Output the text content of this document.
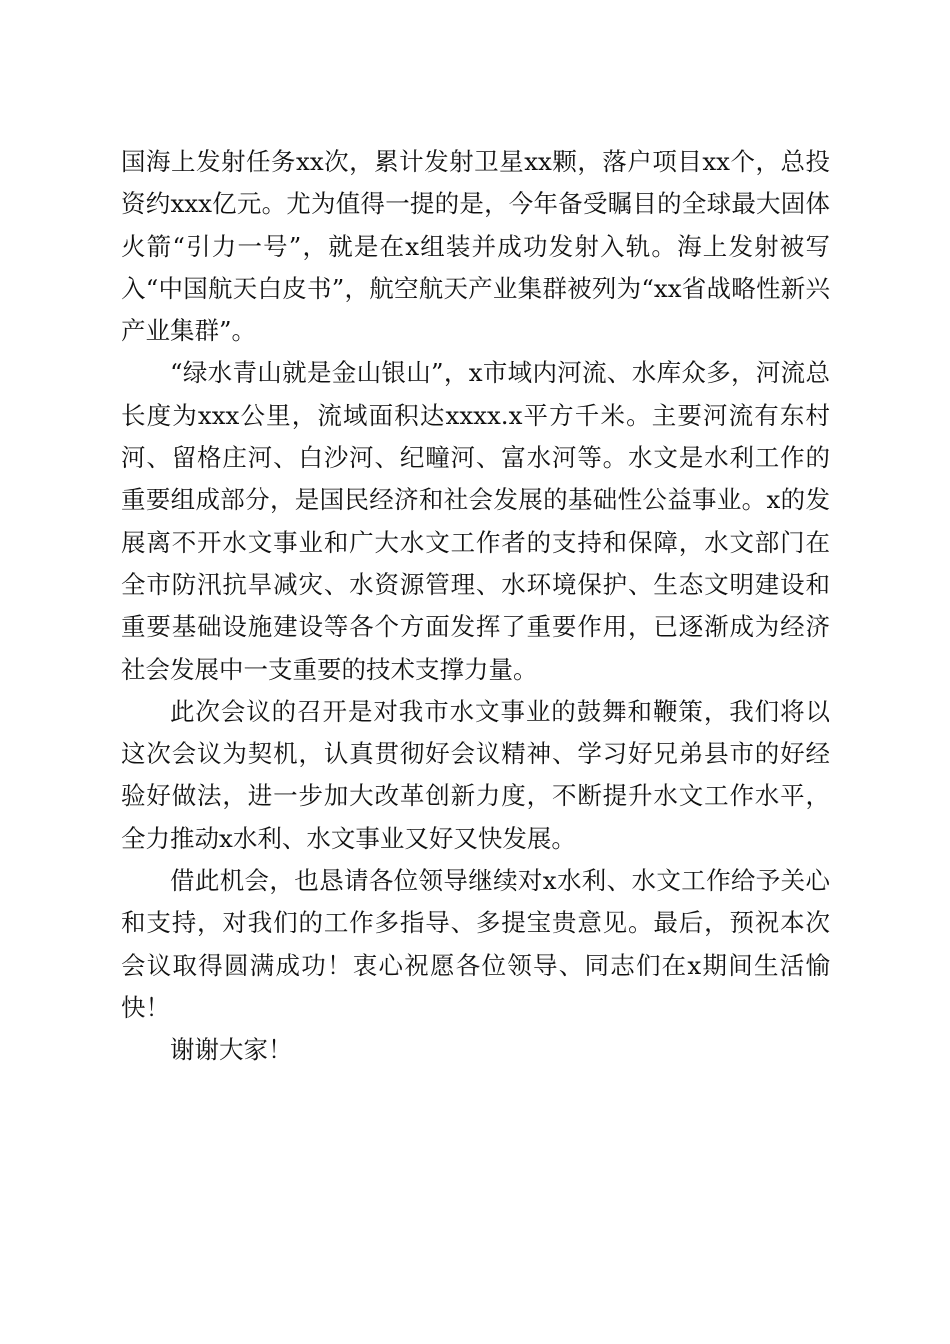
国海上发射任务xx次，累计发射卫星xx颗，落户项目xx个，总投资约xxx亿元。尤为值得一提的是，今年备受瞩目的全球最大固体火箭“引力一号”，就是在x组装并成功发射入轨。海上发射被写入“中国航天白皮书”，航空航天产业集群被列为“xx省战略性新兴产业集群”。

“绿水青山就是金山银山”，x市域内河流、水库众多，河流总长度为xxx公里，流域面积达xxxx.x平方千米。主要河流有东村河、留格庄河、白沙河、纪疃河、富水河等。水文是水利工作的重要组成部分，是国民经济和社会发展的基础性公益事业。x的发展离不开水文事业和广大水文工作者的支持和保障，水文部门在全市防汛抗旱减灾、水资源管理、水环境保护、生态文明建设和重要基础设施建设等各个方面发挥了重要作用，已逐渐成为经济社会发展中一支重要的技术支撑力量。

此次会议的召开是对我市水文事业的鼓舞和鞭策，我们将以这次会议为契机，认真贯彻好会议精神、学习好兄弟县市的好经验好做法，进一步加大改革创新力度，不断提升水文工作水平，全力推动x水利、水文事业又好又快发展。

借此机会，也恳请各位领导继续对x水利、水文工作给予关心和支持，对我们的工作多指导、多提宝贵意见。最后，预祝本次会议取得圆满成功！衷心祝愿各位领导、同志们在x期间生活愉快！

谢谢大家！
